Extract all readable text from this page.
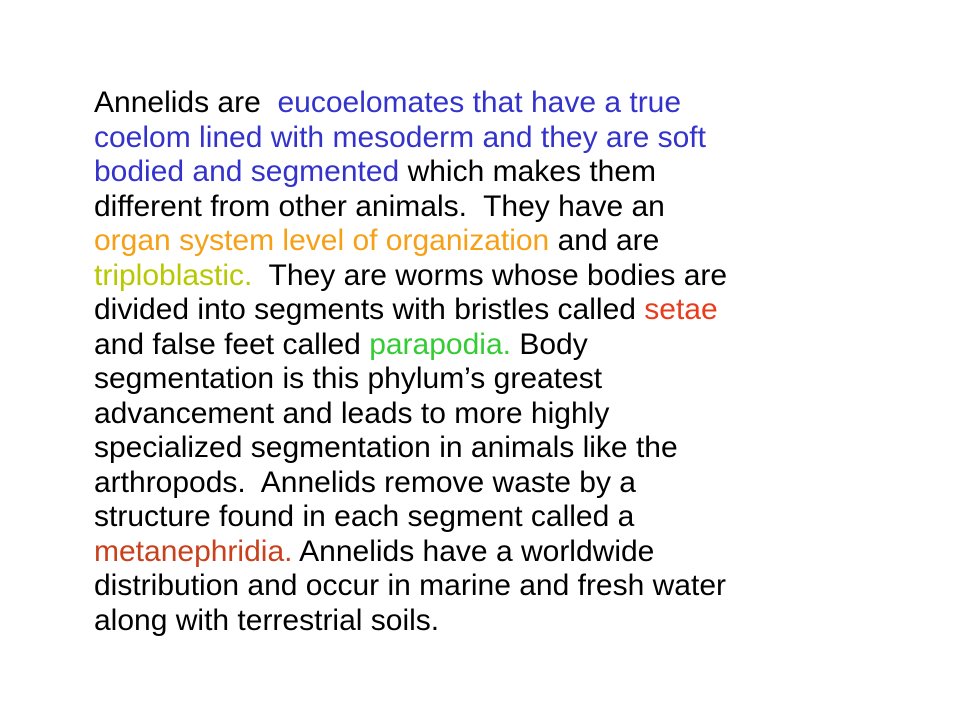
Annelids are  eucoelomates that have a true
coelom lined with mesoderm and they are soft
bodied and segmented which makes them
different from other animals.  They have an
organ system level of organization and are
triploblastic.  They are worms whose bodies are
divided into segments with bristles called setae
and false feet called parapodia. Body
segmentation is this phylum’s greatest
advancement and leads to more highly
specialized segmentation in animals like the
arthropods.  Annelids remove waste by a
structure found in each segment called a
metanephridia. Annelids have a worldwide
distribution and occur in marine and fresh water
along with terrestrial soils.
